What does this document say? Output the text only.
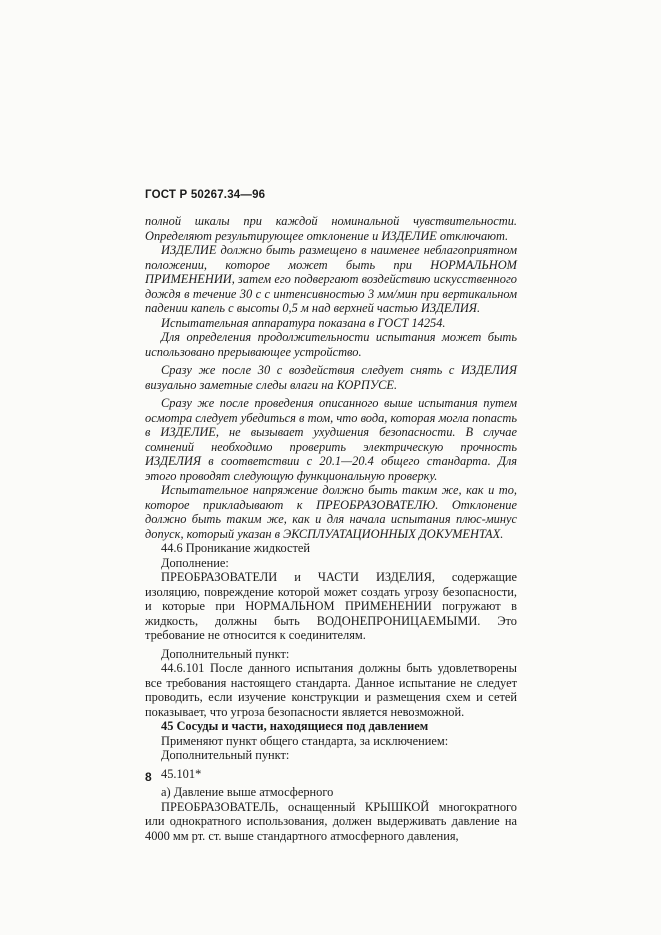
ГОСТ Р 50267.34—96

полной шкалы при каждой номинальной чувствительности. Определяют результирующее отклонение и ИЗДЕЛИЕ отключают.

ИЗДЕЛИЕ должно быть размещено в наименее неблагоприятном положении, которое может быть при НОРМАЛЬНОМ ПРИМЕНЕНИИ, затем его подвергают воздействию искусственного дождя в течение 30 с с интенсивностью 3 мм/мин при вертикальном падении капель с высоты 0,5 м над верхней частью ИЗДЕЛИЯ.

Испытательная аппаратура показана в ГОСТ 14254.

Для определения продолжительности испытания может быть использовано прерывающее устройство.

Сразу же после 30 с воздействия следует снять с ИЗДЕЛИЯ визуально заметные следы влаги на КОРПУСЕ.

Сразу же после проведения описанного выше испытания путем осмотра следует убедиться в том, что вода, которая могла попасть в ИЗДЕЛИЕ, не вызывает ухудшения безопасности. В случае сомнений необходимо проверить электрическую прочность ИЗДЕЛИЯ в соответствии с 20.1—20.4 общего стандарта. Для этого проводят следующую функциональную проверку.

Испытательное напряжение должно быть таким же, как и то, которое прикладывают к ПРЕОБРАЗОВАТЕЛЮ. Отклонение должно быть таким же, как и для начала испытания плюс-минус допуск, который указан в ЭКСПЛУАТАЦИОННЫХ ДОКУМЕНТАХ.

44.6 Проникание жидкостей

Дополнение:

ПРЕОБРАЗОВАТЕЛИ и ЧАСТИ ИЗДЕЛИЯ, содержащие изоляцию, повреждение которой может создать угрозу безопасности, и которые при НОРМАЛЬНОМ ПРИМЕНЕНИИ погружают в жидкость, должны быть ВОДОНЕПРОНИЦАЕМЫМИ. Это требование не относится к соединителям.

Дополнительный пункт:

44.6.101 После данного испытания должны быть удовлетворены все требования настоящего стандарта. Данное испытание не следует проводить, если изучение конструкции и размещения схем и сетей показывает, что угроза безопасности является невозможной.

45 Сосуды и части, находящиеся под давлением

Применяют пункт общего стандарта, за исключением:

Дополнительный пункт:

45.101*

а) Давление выше атмосферного

ПРЕОБРАЗОВАТЕЛЬ, оснащенный КРЫШКОЙ многократного или однократного использования, должен выдерживать давление на 4000 мм рт. ст. выше стандартного атмосферного давления,

8
